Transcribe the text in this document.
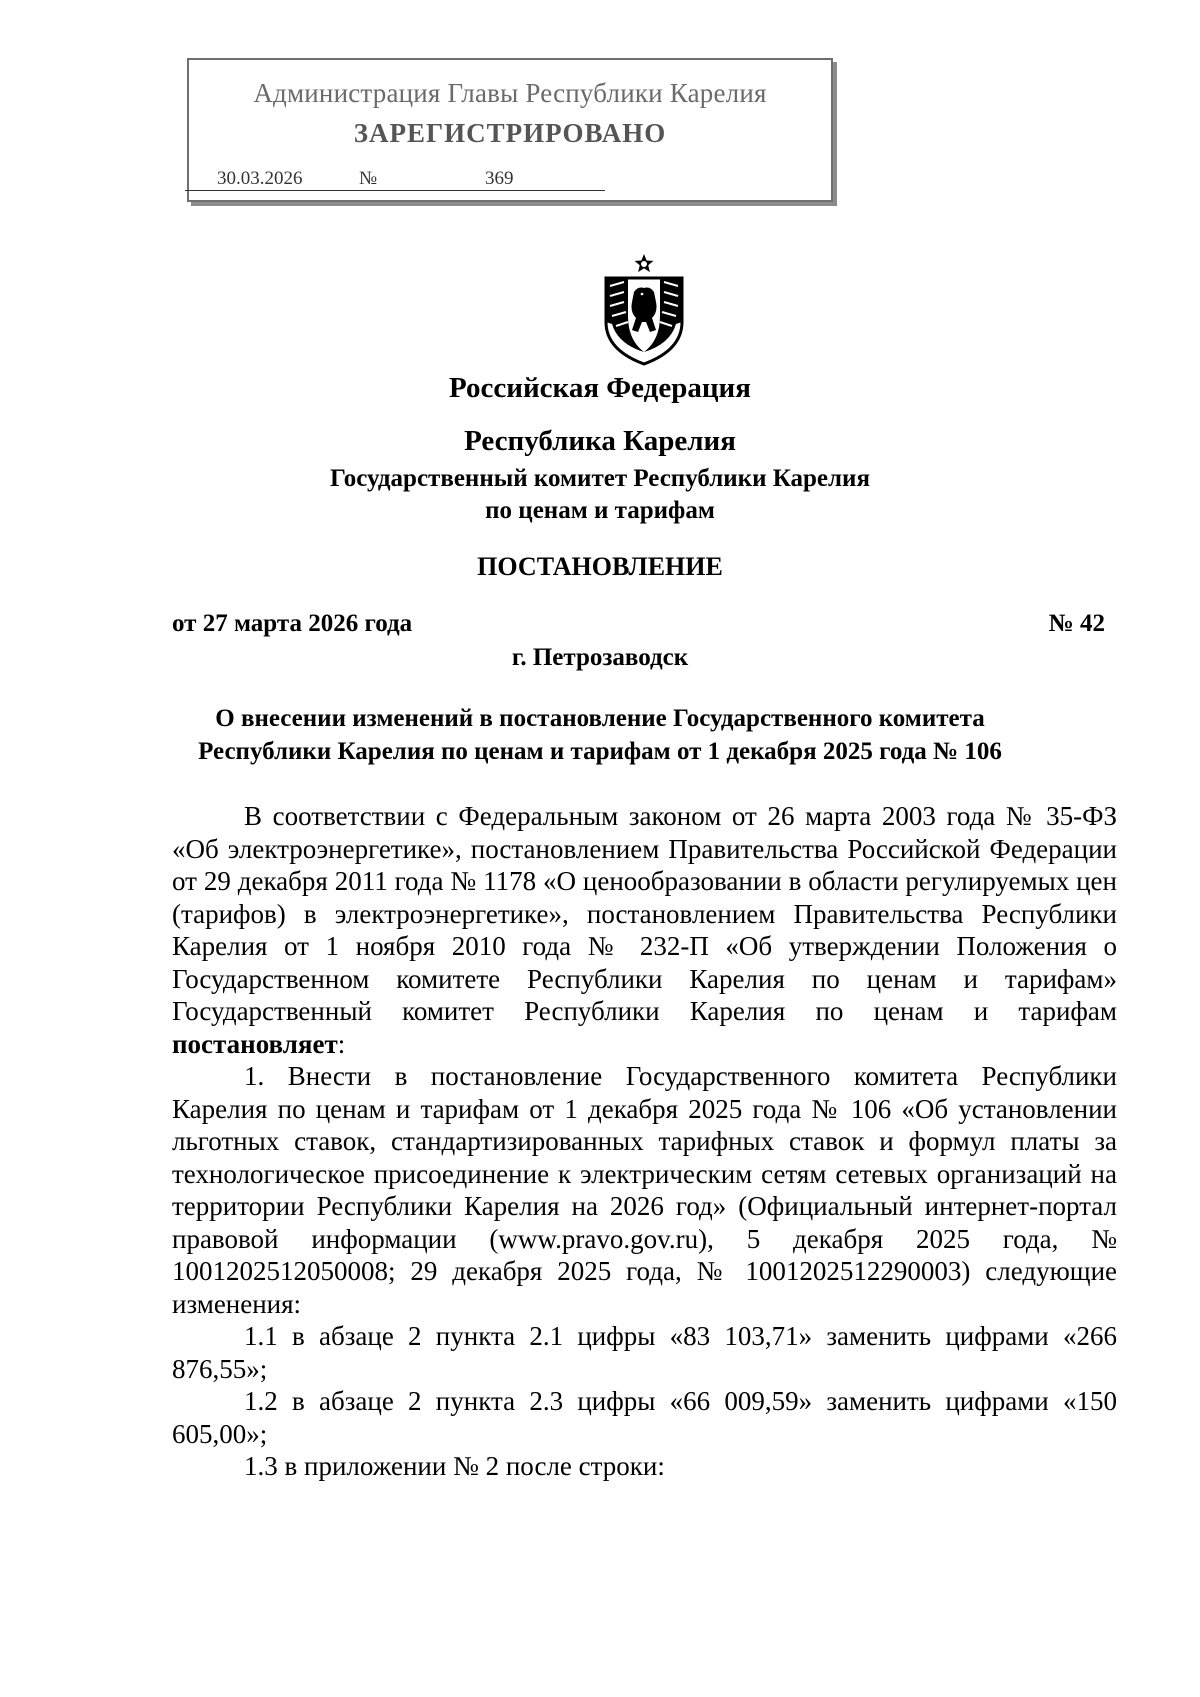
Администрация Главы Республики Карелия
ЗАРЕГИСТРИРОВАНО
30.03.2026	№	369
Российская Федерация
Республика Карелия
Государственный комитет Республики Карелия
по ценам и тарифам
ПОСТАНОВЛЕНИЕ
от 27 марта 2026 года	№ 42
г. Петрозаводск
О внесении изменений в постановление Государственного комитета
Республики Карелия по ценам и тарифам от 1 декабря 2025 года № 106

В соответствии с Федеральным законом от 26 марта 2003 года № 35-ФЗ «Об электроэнергетике», постановлением Правительства Российской Федерации от 29 декабря 2011 года № 1178 «О ценообразовании в области регулируемых цен (тарифов) в электроэнергетике», постановлением Правительства Республики Карелия от 1 ноября 2010 года № 232-П «Об утверждении Положения о Государственном комитете Республики Карелия по ценам и тарифам» Государственный комитет Республики Карелия по ценам и тарифам постановляет:

1. Внести в постановление Государственного комитета Республики Карелия по ценам и тарифам от 1 декабря 2025 года № 106 «Об установлении льготных ставок, стандартизированных тарифных ставок и формул платы за технологическое присоединение к электрическим сетям сетевых организаций на территории Республики Карелия на 2026 год» (Официальный интернет-портал правовой информации (www.pravo.gov.ru), 5 декабря 2025 года, № 1001202512050008; 29 декабря 2025 года, № 1001202512290003) следующие изменения:

1.1 в абзаце 2 пункта 2.1 цифры «83 103,71» заменить цифрами «266 876,55»;

1.2 в абзаце 2 пункта 2.3 цифры «66 009,59» заменить цифрами «150 605,00»;

1.3 в приложении № 2 после строки:
